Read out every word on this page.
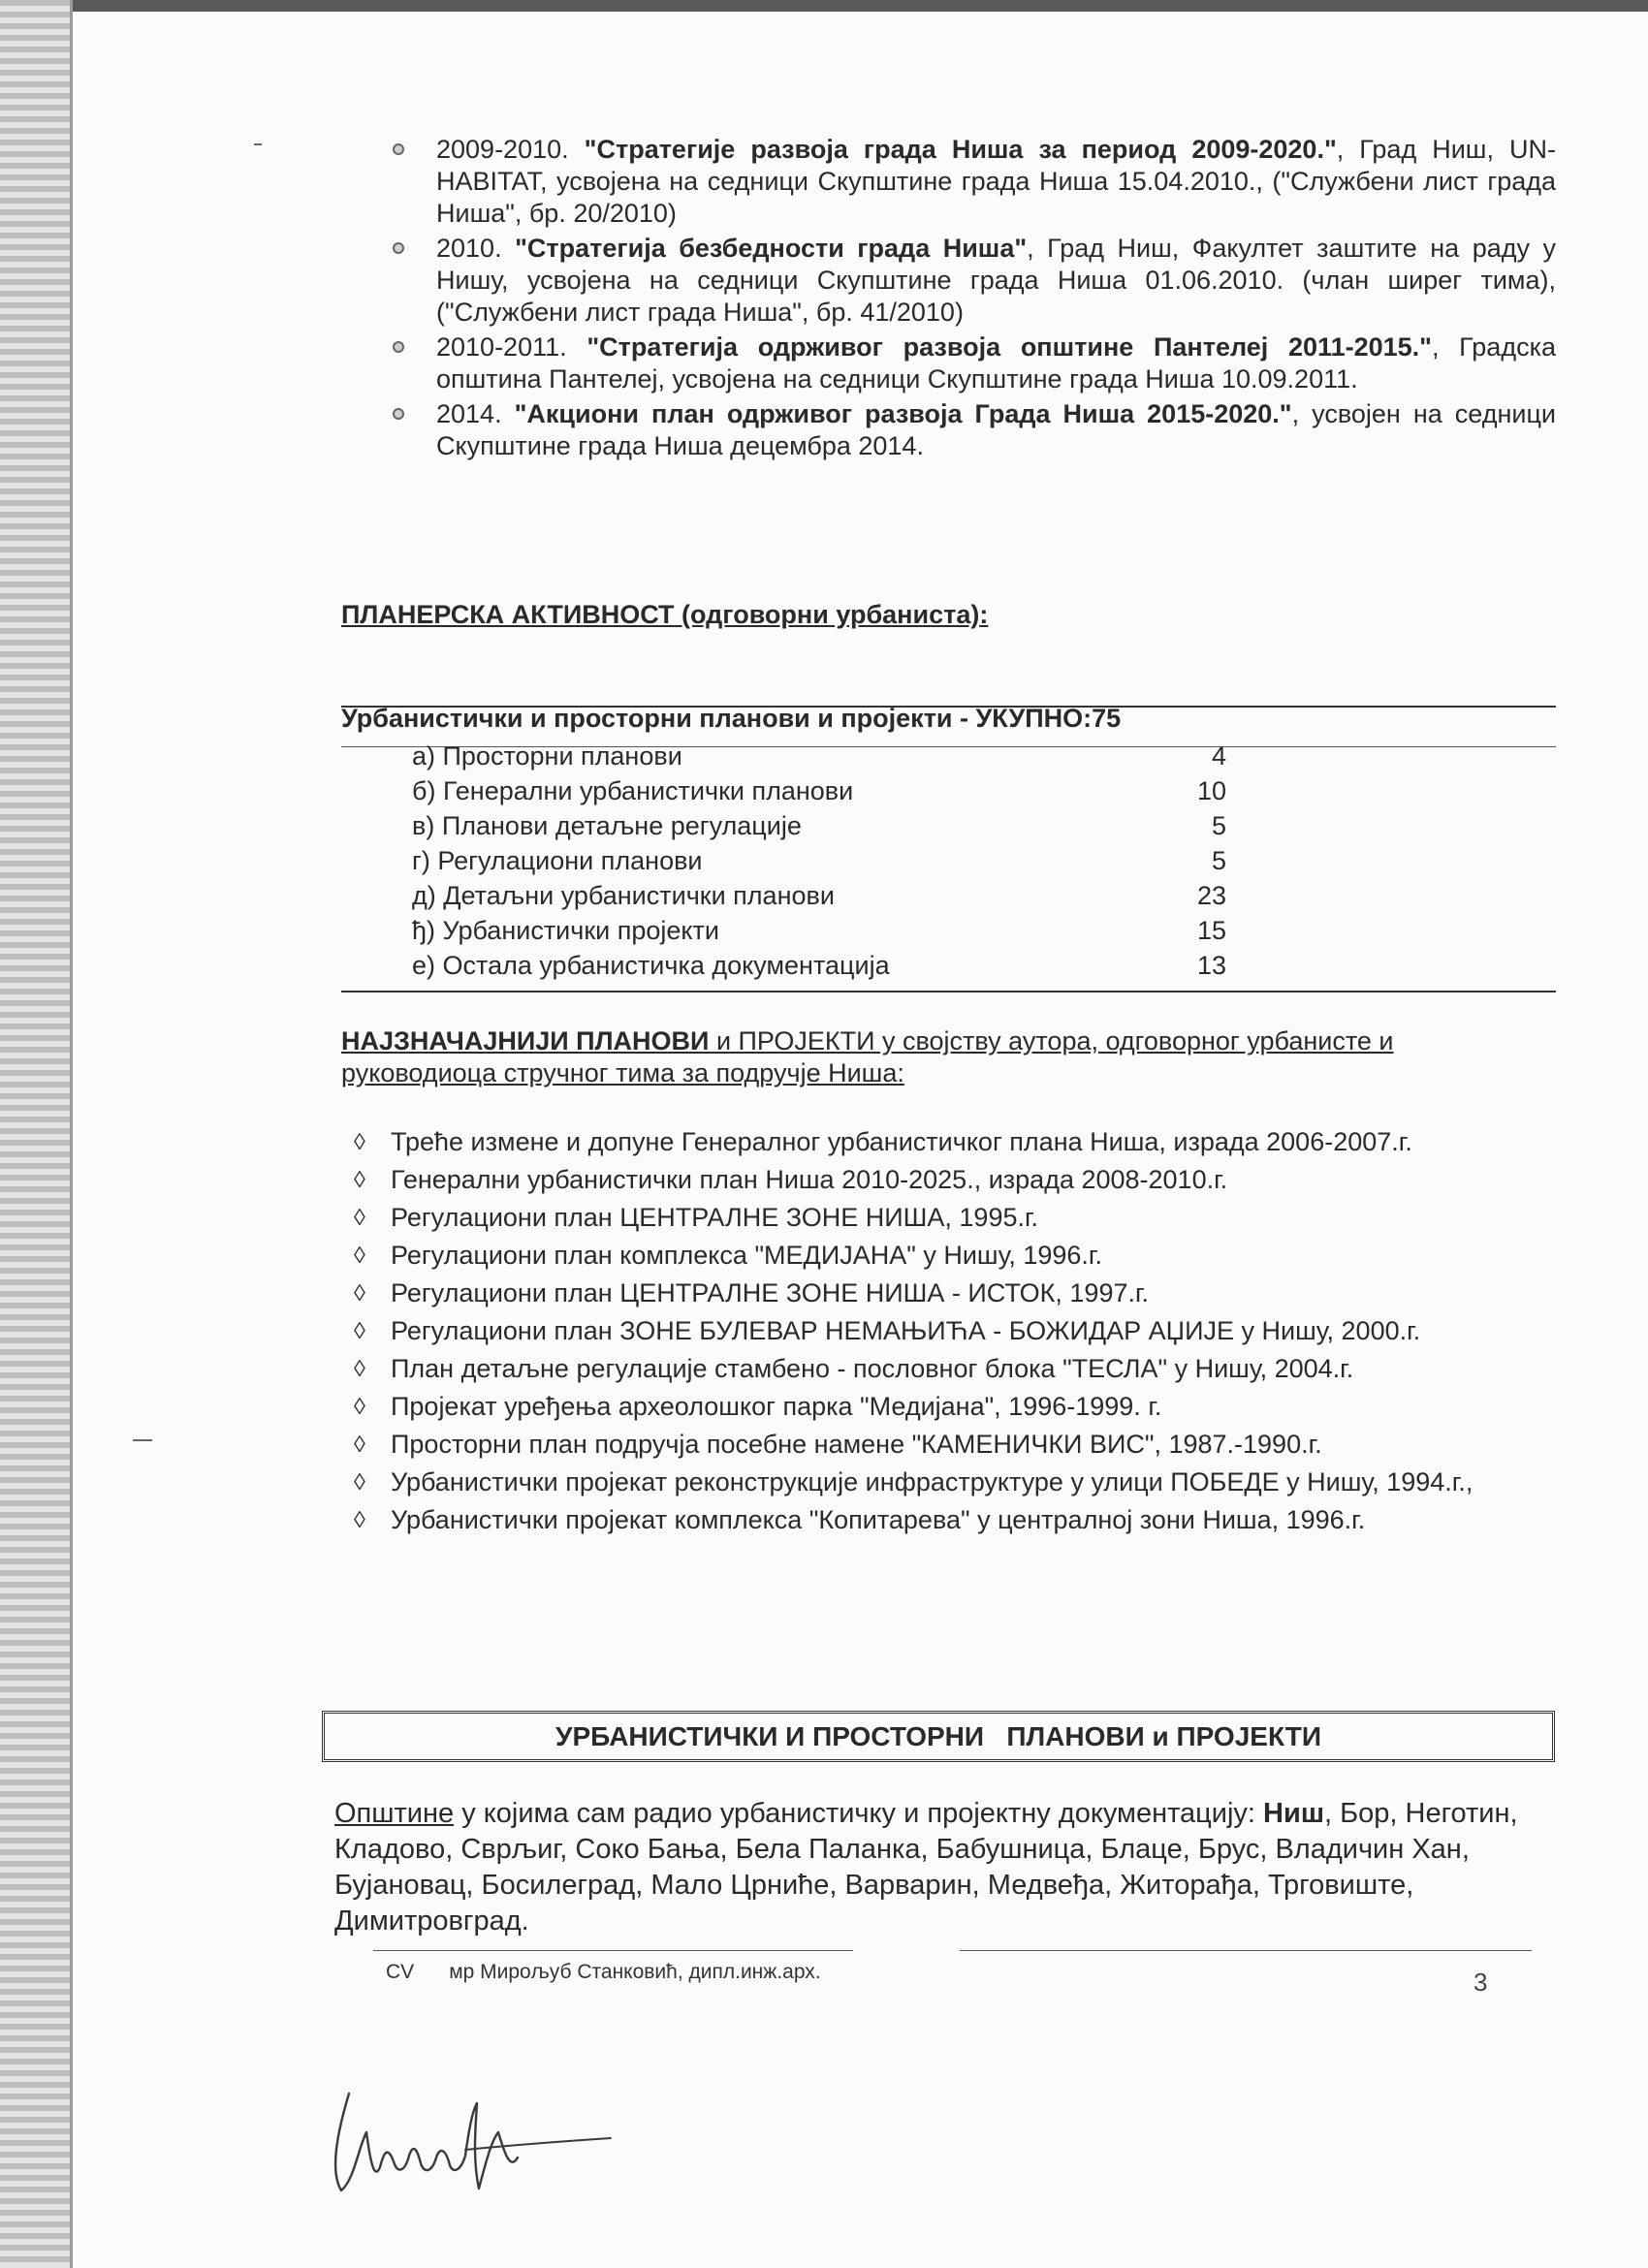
2009-2010. "Стратегије развоја града Ниша за период 2009-2020.", Град Ниш, UN-HABITAT, усвојена на седници Скупштине града Ниша 15.04.2010., ("Службени лист града Ниша", бр. 20/2010)
2010. "Стратегија безбедности града Ниша", Град Ниш, Факултет заштите на раду у Нишу, усвојена на седници Скупштине града Ниша 01.06.2010. (члан ширег тима), ("Службени лист града Ниша", бр. 41/2010)
2010-2011. "Стратегија одрживог развоја општине Пантелеј 2011-2015.", Градска општина Пантелеј, усвојена на седници Скупштине града Ниша 10.09.2011.
2014. "Акциони план одрживог развоја Града Ниша 2015-2020.", усвојен на седници Скупштине града Ниша децембра 2014.
ПЛАНЕРСКА АКТИВНОСТ (одговорни урбаниста):
Урбанистички и просторни планови и пројекти - УКУПНО:75
а) Просторни планови	4
б) Генерални урбанистички планови	10
в) Планови детаљне регулације	5
г) Регулациони планови	5
д) Детаљни урбанистички планови	23
ђ) Урбанистички пројекти	15
е) Остала урбанистичка документација	13
НАЈЗНАЧАЈНИЈИ ПЛАНОВИ и ПРОЈЕКТИ у својству аутора, одговорног урбанисте и руководиоца стручног тима за подручје Ниша:
◊ Треће измене и допуне Генералног урбанистичког плана Ниша, израда 2006-2007.г.
◊ Генерални урбанистички план Ниша 2010-2025., израда 2008-2010.г.
◊ Регулациони план ЦЕНТРАЛНЕ ЗОНЕ НИША, 1995.г.
◊ Регулациони план комплекса "МЕДИЈАНА" у Нишу, 1996.г.
◊ Регулациони план ЦЕНТРАЛНЕ ЗОНЕ НИША - ИСТОК, 1997.г.
◊ Регулациони план ЗОНЕ БУЛЕВАР НЕМАЊИЋА - БОЖИДАР АЏИЈЕ у Нишу, 2000.г.
◊ План детаљне регулације стамбено - пословног блока "ТЕСЛА" у Нишу, 2004.г.
◊ Пројекат уређења археолошког парка "Медијана", 1996-1999. г.
◊ Просторни план подручја посебне намене "КАМЕНИЧКИ ВИС", 1987.-1990.г.
◊ Урбанистички пројекат реконструкције инфраструктуре у улици ПОБЕДЕ у Нишу, 1994.г.,
◊ Урбанистички пројекат комплекса "Копитарева" у централној зони Ниша, 1996.г.
УРБАНИСТИЧКИ И ПРОСТОРНИ   ПЛАНОВИ и ПРОЈЕКТИ
Општине у којима сам радио урбанистичку и пројектну документацију: Ниш, Бор, Неготин, Кладово, Сврљиг, Соко Бања, Бела Паланка, Бабушница, Блаце, Брус, Владичин Хан, Бујановац, Босилеград, Мало Црниће, Варварин, Медвеђа, Житорађа, Трговиште, Димитровград.
CV мр Мирољуб Станковић, дипл.инж.арх.	3
